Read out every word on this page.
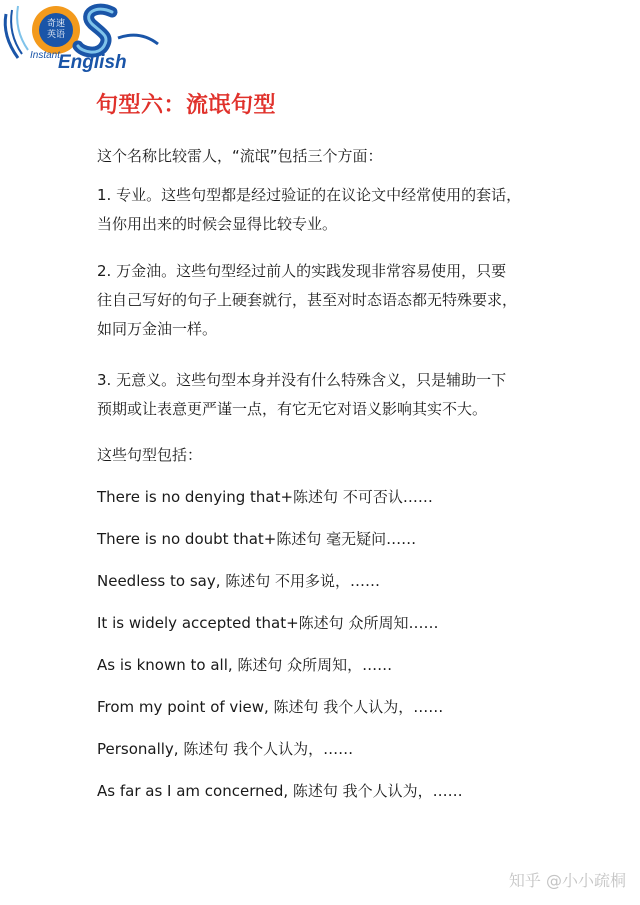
奇速
英语
Instant
English
句型六：流氓句型
这个名称比较雷人，“流氓”包括三个方面：
1. 专业。这些句型都是经过验证的在议论文中经常使用的套话，
当你用出来的时候会显得比较专业。
2. 万金油。这些句型经过前人的实践发现非常容易使用，只要
往自己写好的句子上硬套就行，甚至对时态语态都无特殊要求，
如同万金油一样。
3. 无意义。这些句型本身并没有什么特殊含义，只是辅助一下
预期或让表意更严谨一点，有它无它对语义影响其实不大。
这些句型包括：
There is no denying that+陈述句 不可否认……
There is no doubt that+陈述句 毫无疑问……
Needless to say, 陈述句 不用多说，……
It is widely accepted that+陈述句 众所周知……
As is known to all, 陈述句 众所周知，……
From my point of view, 陈述句 我个人认为，……
Personally, 陈述句 我个人认为，……
As far as I am concerned, 陈述句 我个人认为，……
知乎 @小小疏桐
